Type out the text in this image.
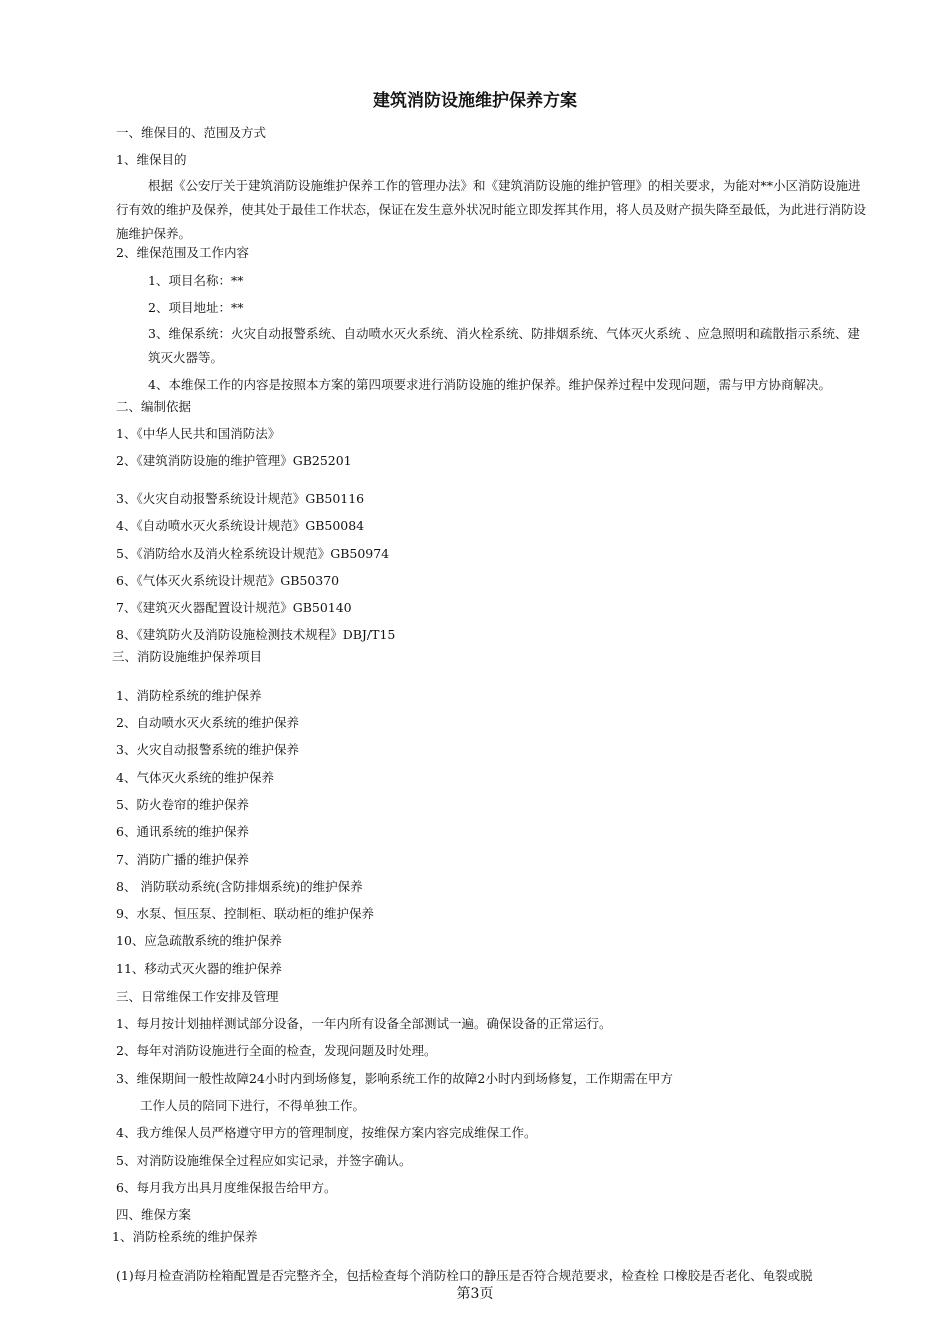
建筑消防设施维护保养方案
一、维保目的、范围及方式
1、维保目的
根据《公安厅关于建筑消防设施维护保养工作的管理办法》和《建筑消防设施的维护管理》的相关要求，为能对**小区消防设施进行有效的维护及保养，使其处于最佳工作状态，保证在发生意外状况时能立即发挥其作用，将人员及财产损失降至最低，为此进行消防设施维护保养。
2、维保范围及工作内容
1、项目名称：**
2、项目地址：**
3、维保系统：火灾自动报警系统、自动喷水灭火系统、消火栓系统、防排烟系统、气体灭火系统 、应急照明和疏散指示系统、建筑灭火器等。
4、本维保工作的内容是按照本方案的第四项要求进行消防设施的维护保养。维护保养过程中发现问题，需与甲方协商解决。
二、编制依据
1、《中华人民共和国消防法》
2、《建筑消防设施的维护管理》GB25201
3、《火灾自动报警系统设计规范》GB50116
4、《自动喷水灭火系统设计规范》GB50084
5、《消防给水及消火栓系统设计规范》GB50974
6、《气体灭火系统设计规范》GB50370
7、《建筑灭火器配置设计规范》GB50140
8、《建筑防火及消防设施检测技术规程》DBJ/T15
三、消防设施维护保养项目
1、消防栓系统的维护保养
2、自动喷水灭火系统的维护保养
3、火灾自动报警系统的维护保养
4、气体灭火系统的维护保养
5、防火卷帘的维护保养
6、通讯系统的维护保养
7、消防广播的维护保养
8、 消防联动系统(含防排烟系统)的维护保养
9、水泵、恒压泵、控制柜、联动柜的维护保养
10、应急疏散系统的维护保养
11、移动式灭火器的维护保养
三、日常维保工作安排及管理
1、每月按计划抽样测试部分设备，一年内所有设备全部测试一遍。确保设备的正常运行。
2、每年对消防设施进行全面的检查，发现问题及时处理。
3、维保期间一般性故障24小时内到场修复，影响系统工作的故障2小时内到场修复，工作期需在甲方
工作人员的陪同下进行，不得单独工作。
4、我方维保人员严格遵守甲方的管理制度，按维保方案内容完成维保工作。
5、对消防设施维保全过程应如实记录，并签字确认。
6、每月我方出具月度维保报告给甲方。
四、维保方案
1、消防栓系统的维护保养
(1)每月检查消防栓箱配置是否完整齐全，包括检查每个消防栓口的静压是否符合规范要求，检查栓 口橡胶是否老化、龟裂或脱
第3页
